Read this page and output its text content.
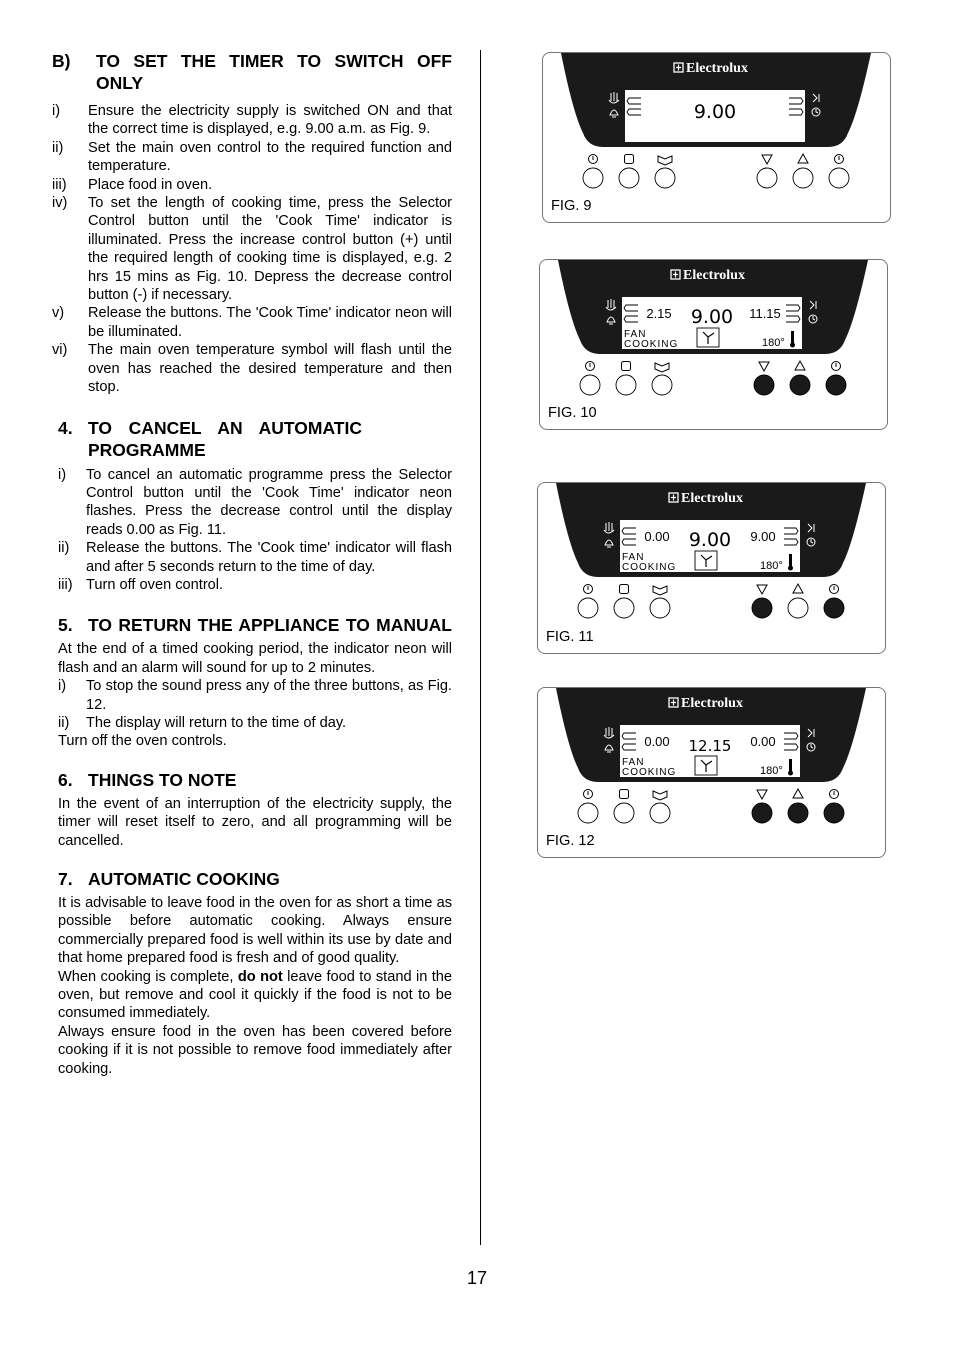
B)	TO SET THE TIMER TO SWITCH OFF ONLY
i)	Ensure the electricity supply is switched ON and that the correct time is displayed, e.g. 9.00 a.m. as Fig. 9.
ii)	Set the main oven control to the required function and temperature.
iii)	Place food in oven.
iv)	To set the length of cooking time, press the Selector Control button until the 'Cook Time' indicator is illuminated. Press the increase control button (+) until the required length of cooking time is displayed, e.g. 2 hrs 15 mins as Fig. 10. Depress the decrease control button (-) if necessary.
v)	Release the buttons. The 'Cook Time' indicator neon will be illuminated.
vi)	The main oven temperature symbol will flash until the oven has reached the desired temperature and then stop.
4. TO CANCEL AN AUTOMATIC PROGRAMME
i)	To cancel an automatic programme press the Selector Control button until the 'Cook Time' indicator neon flashes. Press the decrease control until the display reads 0.00 as Fig. 11.
ii)	Release the buttons. The 'Cook time' indicator will flash and after 5 seconds return to the time of day.
iii) Turn off oven control.
5. TO RETURN THE APPLIANCE TO MANUAL

At the end of a timed cooking period, the indicator neon will flash and an alarm will sound for up to 2 minutes.

i)	To stop the sound press any of the three buttons, as Fig. 12.
ii)	The display will return to the time of day.

Turn off the oven controls.

6. THINGS TO NOTE

In the event of an interruption of the electricity supply, the timer will reset itself to zero, and all programming will be cancelled.

7. AUTOMATIC COOKING

It is advisable to leave food in the oven for as short a time as possible before automatic cooking. Always ensure commercially prepared food is well within its use by date and that home prepared food is fresh and of good quality.

When cooking is complete, do not leave food to stand in the oven, but remove and cool it quickly if the food is not to be consumed immediately.

Always ensure food in the oven has been covered before cooking if it is not possible to remove food immediately after cooking.

Electrolux
9.00
FIG. 9
Electrolux
9.00
2.15	11.15
FAN
COOKING	180°
FIG. 10
Electrolux
9.00
0.00	9.00
FAN
COOKING	180°
FIG. 11
Electrolux
12.15
0.00	0.00
FAN
COOKING	180°
FIG. 12
17
